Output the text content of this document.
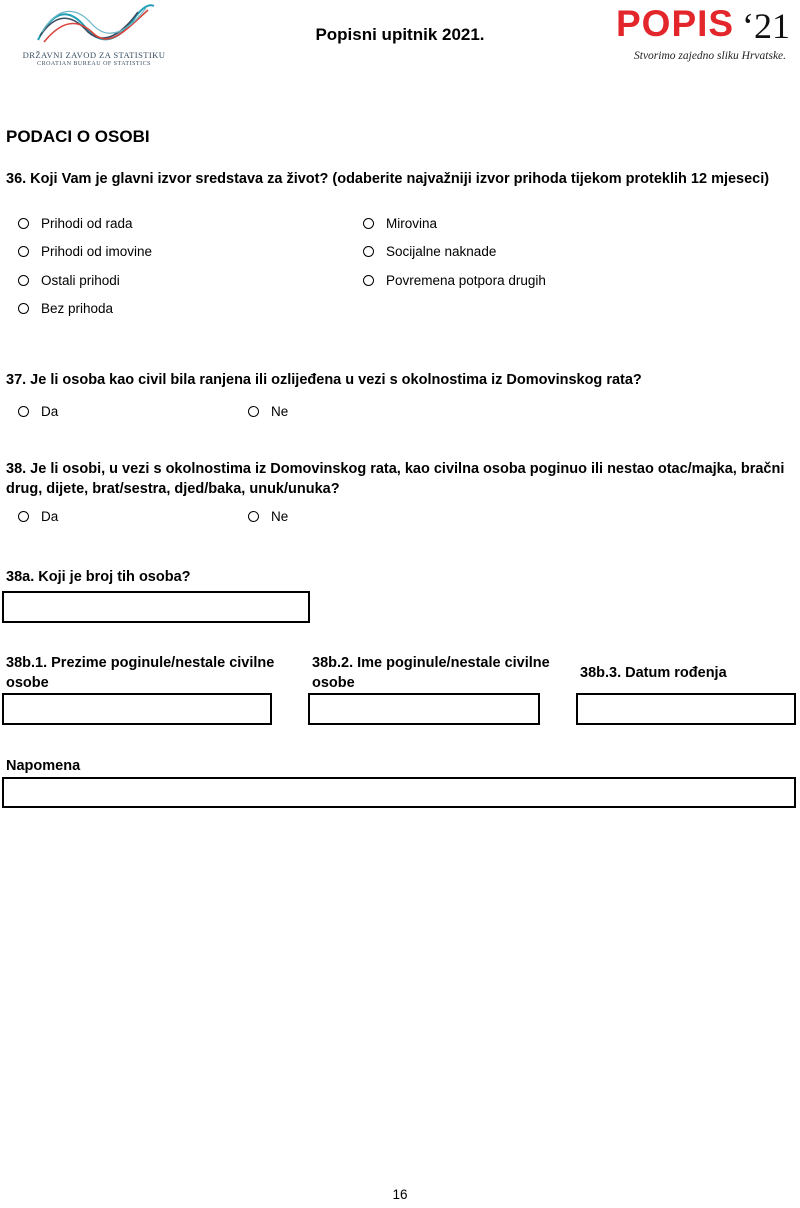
DRŽAVNI ZAVOD ZA STATISTIKU
CROATIAN BUREAU OF STATISTICS
Popisni upitnik 2021.	POPIS ‘21
Stvorimo zajedno sliku Hrvatske.
PODACI O OSOBI
36. Koji Vam je glavni izvor sredstava za život? (odaberite najvažniji izvor prihoda tijekom proteklih 12 mjeseci)
Prihodi od rada
Prihodi od imovine
Ostali prihodi
Bez prihoda
Mirovina
Socijalne naknade
Povremena potpora drugih
37. Je li osoba kao civil bila ranjena ili ozlijeđena u vezi s okolnostima iz Domovinskog rata?
Da	Ne
38. Je li osobi, u vezi s okolnostima iz Domovinskog rata, kao civilna osoba poginuo ili nestao otac/majka, bračni drug, dijete, brat/sestra, djed/baka, unuk/unuka?
Da	Ne
38a. Koji je broj tih osoba?
38b.1. Prezime poginule/nestale civilne osobe
38b.2. Ime poginule/nestale civilne osobe
38b.3. Datum rođenja
Napomena
16
